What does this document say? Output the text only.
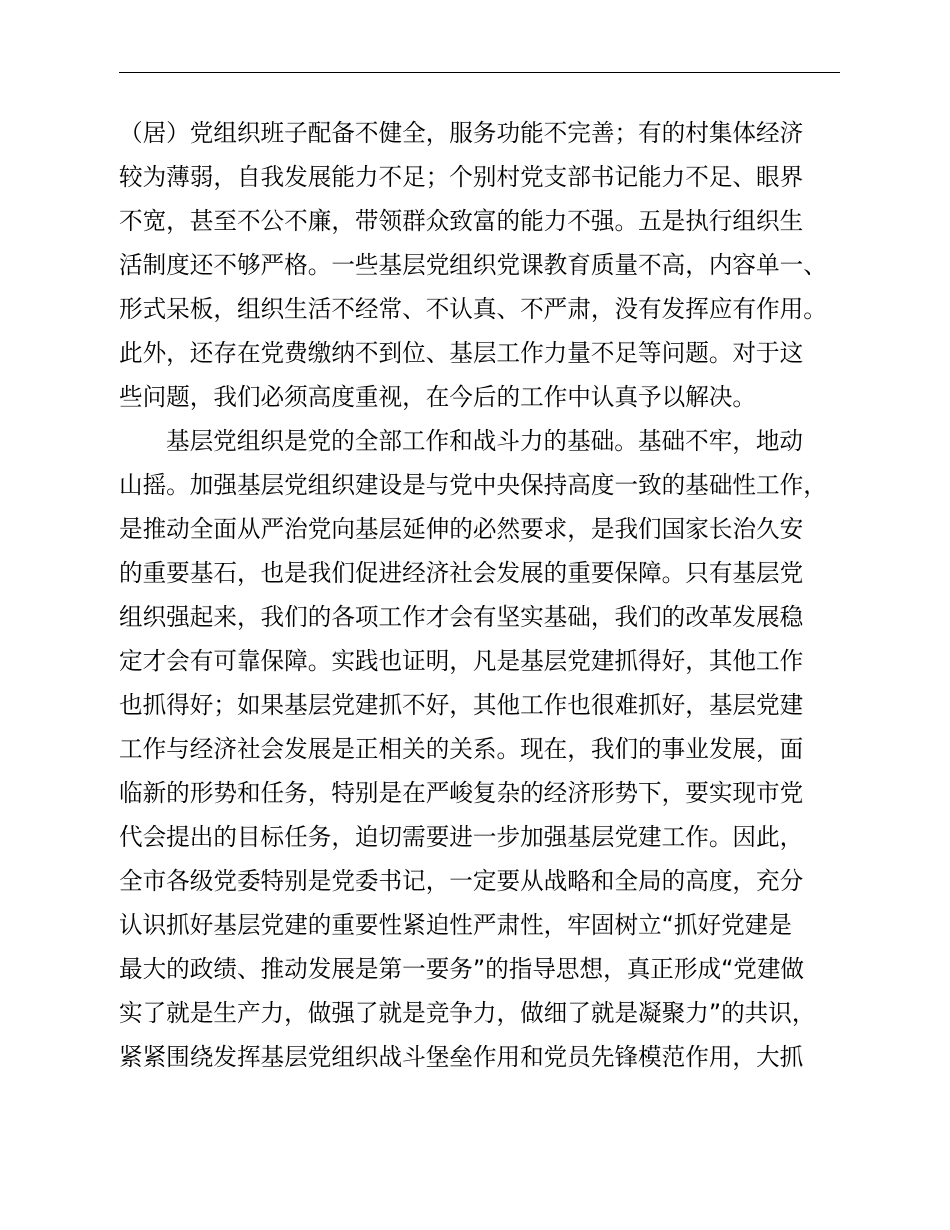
（居）党组织班子配备不健全，服务功能不完善；有的村集体经济
较为薄弱，自我发展能力不足；个别村党支部书记能力不足、眼界
不宽，甚至不公不廉，带领群众致富的能力不强。五是执行组织生
活制度还不够严格。一些基层党组织党课教育质量不高，内容单一、
形式呆板，组织生活不经常、不认真、不严肃，没有发挥应有作用。
此外，还存在党费缴纳不到位、基层工作力量不足等问题。对于这
些问题，我们必须高度重视，在今后的工作中认真予以解决。
基层党组织是党的全部工作和战斗力的基础。基础不牢，地动
山摇。加强基层党组织建设是与党中央保持高度一致的基础性工作，
是推动全面从严治党向基层延伸的必然要求，是我们国家长治久安
的重要基石，也是我们促进经济社会发展的重要保障。只有基层党
组织强起来，我们的各项工作才会有坚实基础，我们的改革发展稳
定才会有可靠保障。实践也证明，凡是基层党建抓得好，其他工作
也抓得好；如果基层党建抓不好，其他工作也很难抓好，基层党建
工作与经济社会发展是正相关的关系。现在，我们的事业发展，面
临新的形势和任务，特别是在严峻复杂的经济形势下，要实现市党
代会提出的目标任务，迫切需要进一步加强基层党建工作。因此，
全市各级党委特别是党委书记，一定要从战略和全局的高度，充分
认识抓好基层党建的重要性紧迫性严肃性，牢固树立“抓好党建是
最大的政绩、推动发展是第一要务”的指导思想，真正形成“党建做
实了就是生产力，做强了就是竞争力，做细了就是凝聚力”的共识，
紧紧围绕发挥基层党组织战斗堡垒作用和党员先锋模范作用，大抓
